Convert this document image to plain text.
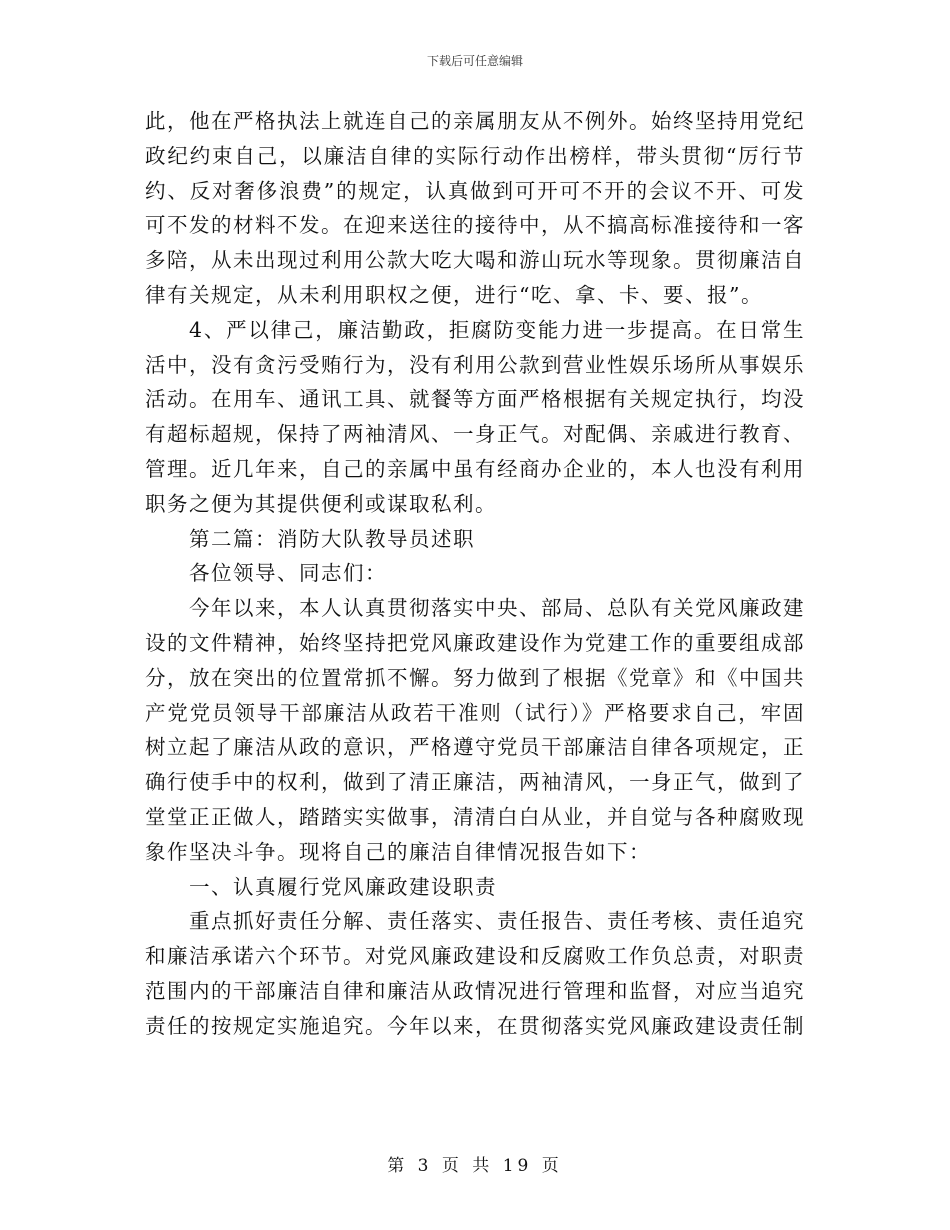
下载后可任意编辑

此，他在严格执法上就连自己的亲属朋友从不例外。始终坚持用党纪政纪约束自己，以廉洁自律的实际行动作出榜样，带头贯彻“厉行节约、反对奢侈浪费”的规定，认真做到可开可不开的会议不开、可发可不发的材料不发。在迎来送往的接待中，从不搞高标准接待和一客多陪，从未出现过利用公款大吃大喝和游山玩水等现象。贯彻廉洁自律有关规定，从未利用职权之便，进行“吃、拿、卡、要、报”。

4、严以律己，廉洁勤政，拒腐防变能力进一步提高。在日常生活中，没有贪污受贿行为，没有利用公款到营业性娱乐场所从事娱乐活动。在用车、通讯工具、就餐等方面严格根据有关规定执行，均没有超标超规，保持了两袖清风、一身正气。对配偶、亲戚进行教育、管理。近几年来，自己的亲属中虽有经商办企业的，本人也没有利用职务之便为其提供便利或谋取私利。

第二篇：消防大队教导员述职

各位领导、同志们：

今年以来，本人认真贯彻落实中央、部局、总队有关党风廉政建设的文件精神，始终坚持把党风廉政建设作为党建工作的重要组成部分，放在突出的位置常抓不懈。努力做到了根据《党章》和《中国共产党党员领导干部廉洁从政若干准则（试行）》严格要求自己，牢固树立起了廉洁从政的意识，严格遵守党员干部廉洁自律各项规定，正确行使手中的权利，做到了清正廉洁，两袖清风，一身正气，做到了堂堂正正做人，踏踏实实做事，清清白白从业，并自觉与各种腐败现象作坚决斗争。现将自己的廉洁自律情况报告如下：

一、认真履行党风廉政建设职责

重点抓好责任分解、责任落实、责任报告、责任考核、责任追究和廉洁承诺六个环节。对党风廉政建设和反腐败工作负总责，对职责范围内的干部廉洁自律和廉洁从政情况进行管理和监督，对应当追究责任的按规定实施追究。今年以来，在贯彻落实党风廉政建设责任制

第 3 页 共 19 页
